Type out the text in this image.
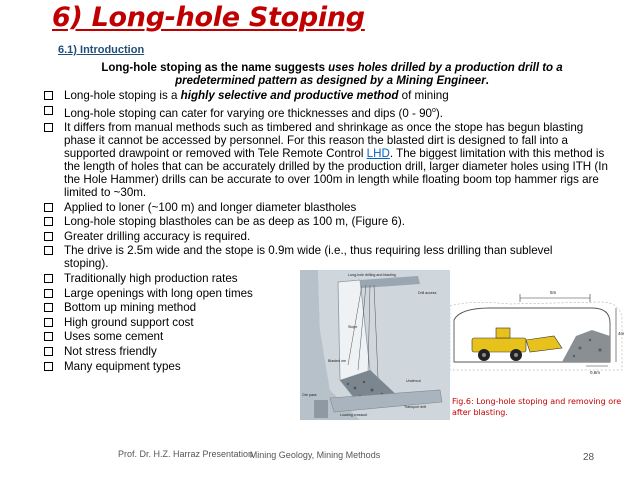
6) Long-hole Stoping
6.1) Introduction
Long-hole stoping as the name suggests uses holes drilled by a production drill to a predetermined pattern as designed by a Mining Engineer.
Long-hole stoping is a highly selective and productive method of mining
Long-hole stoping can cater for varying ore thicknesses and dips (0 - 90$^o$).
It differs from manual methods such as timbered and shrinkage as once the stope has begun blasting phase it cannot be accessed by personnel. For this reason the blasted dirt is designed to fall into a supported drawpoint or removed with Tele Remote Control LHD. The biggest limitation with this method is the length of holes that can be accurately drilled by the production drill, larger diameter holes using ITH (In the Hole Hammer) drills can be accurate to over 100m in length while floating boom top hammer rigs are limited to ~30m.
Applied to loner (~100 m) and longer diameter blastholes
Long-hole stoping blastholes can be as deep as 100 m, (Figure 6).
Greater drilling accuracy is required.
The drive is 2.5m wide and the stope is 0.9m wide (i.e., thus requiring less drilling than sublevel stoping).
Traditionally high production rates
Large openings with long open times
Bottom up mining method
High ground support cost
Uses some cement
Not stress friendly
Many equipment types
Long-hole drilling and blasting
Drill access
Stope
Blasted ore
Undercut
Transport drift
Loading crosscut
Ore pass
5m
4m
0.6m
Fig.6: Long-hole stoping and removing ore after blasting.
Prof. Dr. H.Z. Harraz Presentation
Mining Geology, Mining Methods	28
